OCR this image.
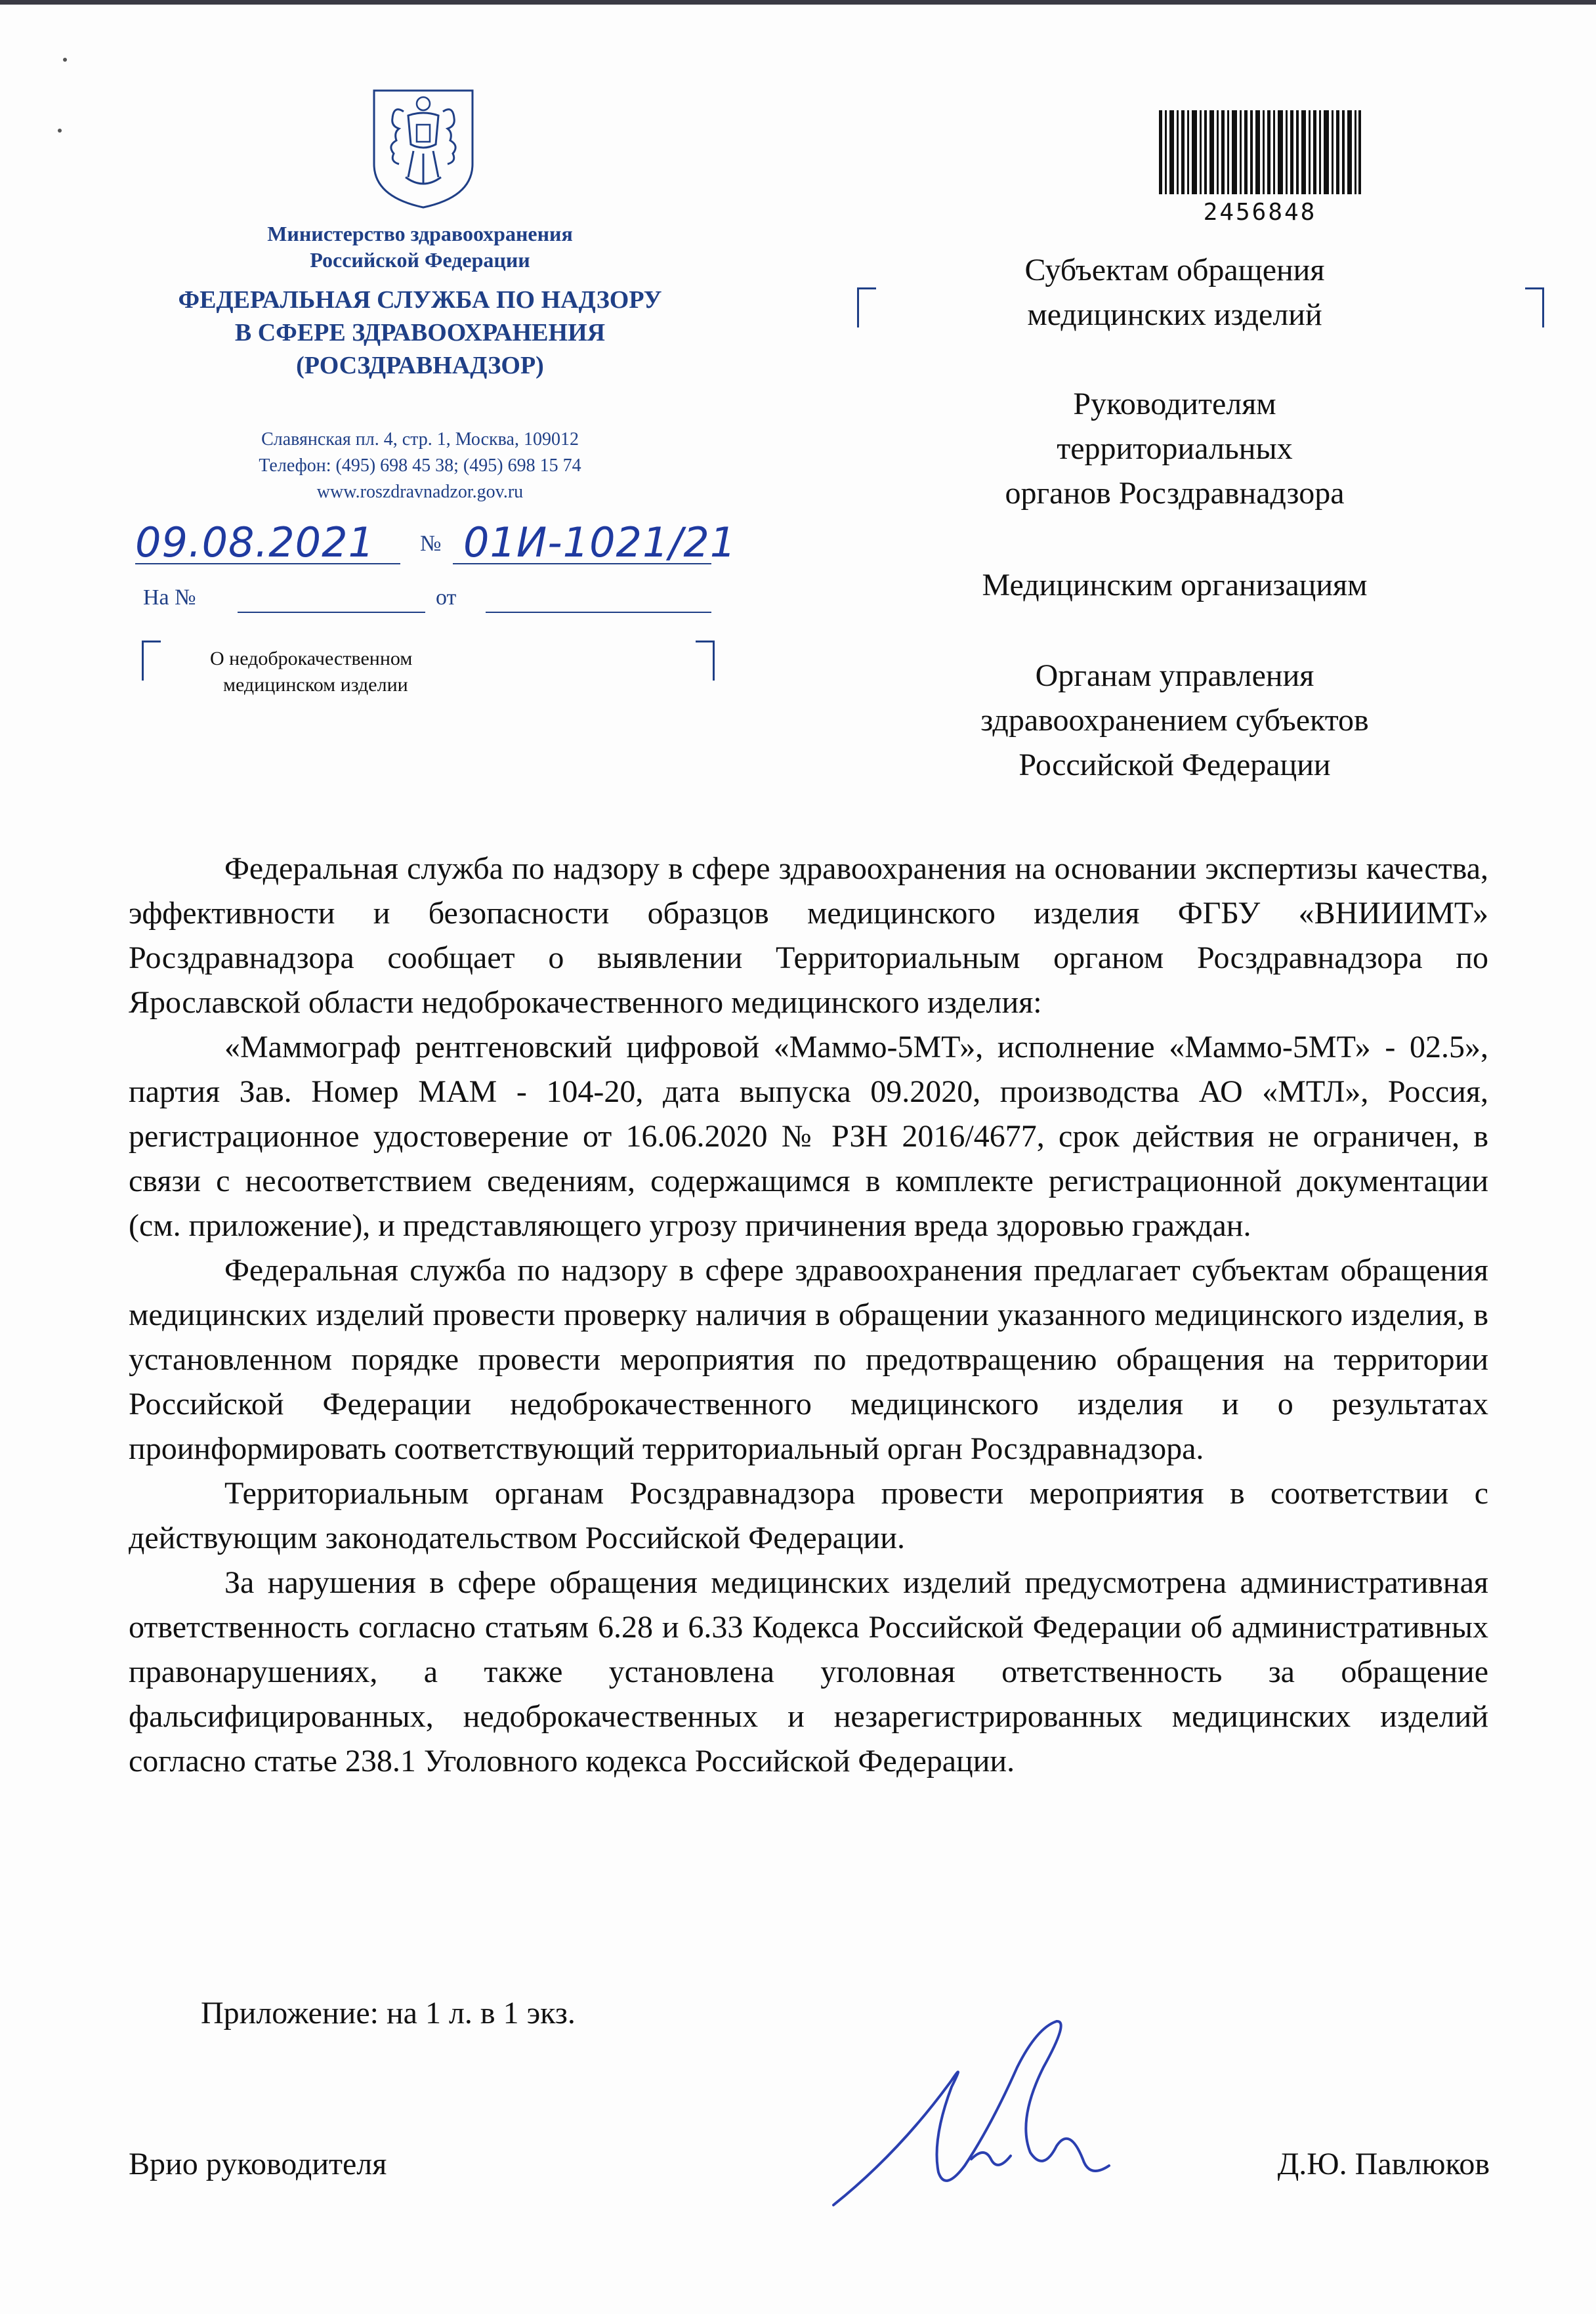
Министерство здравоохранения
Российской Федерации
ФЕДЕРАЛЬНАЯ СЛУЖБА ПО НАДЗОРУ
В СФЕРЕ ЗДРАВООХРАНЕНИЯ
(РОСЗДРАВНАДЗОР)
Славянская пл. 4, стр. 1, Москва, 109012
Телефон: (495) 698 45 38; (495) 698 15 74
www.roszdravnadzor.gov.ru
09.08.2021 № 01И-1021/21
На №	от
О недоброкачественном
медицинском изделии
2456848
Субъектам обращения
медицинских изделий
Руководителям
территориальных
органов Росздравнадзора
Медицинским организациям
Органам управления
здравоохранением субъектов
Российской Федерации

Федеральная служба по надзору в сфере здравоохранения на основании экспертизы качества, эффективности и безопасности образцов медицинского изделия ФГБУ «ВНИИИМТ» Росздравнадзора сообщает о выявлении Территориальным органом Росздравнадзора по Ярославской области недоброкачественного медицинского изделия:

«Маммограф рентгеновский цифровой «Маммо-5МТ», исполнение «Маммо-5МТ» - 02.5», партия Зав. Номер МАМ - 104-20, дата выпуска 09.2020, производства АО «МТЛ», Россия, регистрационное удостоверение от 16.06.2020 № РЗН 2016/4677, срок действия не ограничен, в связи с несоответствием сведениям, содержащимся в комплекте регистрационной документации (см. приложение), и представляющего угрозу причинения вреда здоровью граждан.

Федеральная служба по надзору в сфере здравоохранения предлагает субъектам обращения медицинских изделий провести проверку наличия в обращении указанного медицинского изделия, в установленном порядке провести мероприятия по предотвращению обращения на территории Российской Федерации недоброкачественного медицинского изделия и о результатах проинформировать соответствующий территориальный орган Росздравнадзора.

Территориальным органам Росздравнадзора провести мероприятия в соответствии с действующим законодательством Российской Федерации.

За нарушения в сфере обращения медицинских изделий предусмотрена административная ответственность согласно статьям 6.28 и 6.33 Кодекса Российской Федерации об административных правонарушениях, а также установлена уголовная ответственность за обращение фальсифицированных, недоброкачественных и незарегистрированных медицинских изделий согласно статье 238.1 Уголовного кодекса Российской Федерации.

Приложение: на 1 л. в 1 экз.
Врио руководителя	Д.Ю. Павлюков
